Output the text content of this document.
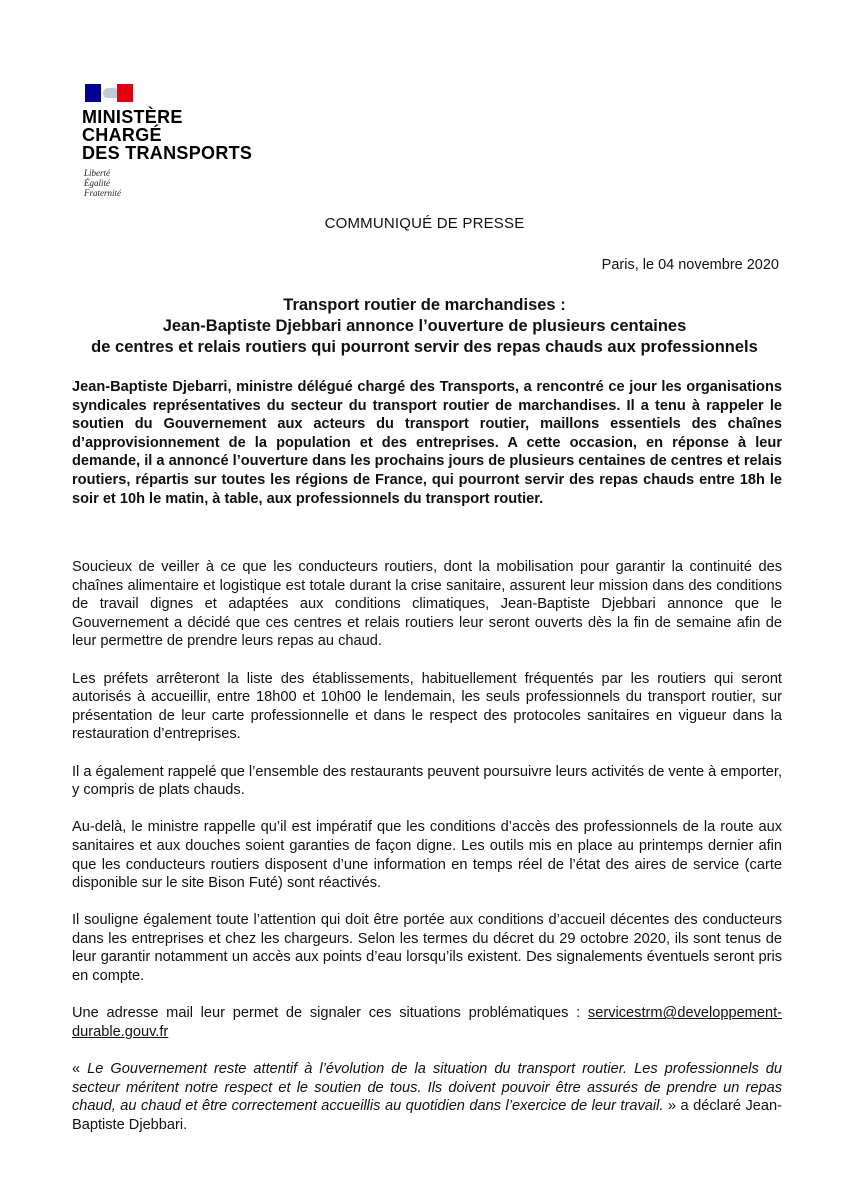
MINISTÈRE
CHARGÉ
DES TRANSPORTS
Liberté
Égalité
Fraternité
COMMUNIQUÉ DE PRESSE
Paris, le 04 novembre 2020
Transport routier de marchandises :
Jean-Baptiste Djebbari annonce l’ouverture de plusieurs centaines
de centres et relais routiers qui pourront servir des repas chauds aux professionnels
Jean-Baptiste Djebarri, ministre délégué chargé des Transports, a rencontré ce jour les organisations syndicales représentatives du secteur du transport routier de marchandises. Il a tenu à rappeler le soutien du Gouvernement aux acteurs du transport routier, maillons essentiels des chaînes d’approvisionnement de la population et des entreprises. A cette occasion, en réponse à leur demande, il a annoncé l’ouverture dans les prochains jours de plusieurs centaines de centres et relais routiers, répartis sur toutes les régions de France, qui pourront servir des repas chauds entre 18h le soir et 10h le matin, à table, aux professionnels du transport routier.

Soucieux de veiller à ce que les conducteurs routiers, dont la mobilisation pour garantir la continuité des chaînes alimentaire et logistique est totale durant la crise sanitaire, assurent leur mission dans des conditions de travail dignes et adaptées aux conditions climatiques, Jean-Baptiste Djebbari annonce que le Gouvernement a décidé que ces centres et relais routiers leur seront ouverts dès la fin de semaine afin de leur permettre de prendre leurs repas au chaud.

Les préfets arrêteront la liste des établissements, habituellement fréquentés par les routiers qui seront autorisés à accueillir, entre 18h00 et 10h00 le lendemain, les seuls professionnels du transport routier, sur présentation de leur carte professionnelle et dans le respect des protocoles sanitaires en vigueur dans la restauration d’entreprises.

Il a également rappelé que l’ensemble des restaurants peuvent poursuivre leurs activités de vente à emporter, y compris de plats chauds.

Au-delà, le ministre rappelle qu’il est impératif que les conditions d’accès des professionnels de la route aux sanitaires et aux douches soient garanties de façon digne. Les outils mis en place au printemps dernier afin que les conducteurs routiers disposent d’une information en temps réel de l’état des aires de service (carte disponible sur le site Bison Futé) sont réactivés.

Il souligne également toute l’attention qui doit être portée aux conditions d’accueil décentes des conducteurs dans les entreprises et chez les chargeurs. Selon les termes du décret du 29 octobre 2020, ils sont tenus de leur garantir notamment un accès aux points d’eau lorsqu’ils existent. Des signalements éventuels seront pris en compte.

Une adresse mail leur permet de signaler ces situations problématiques : servicestrm@developpement-durable.gouv.fr

« Le Gouvernement reste attentif à l’évolution de la situation du transport routier. Les professionnels du secteur méritent notre respect et le soutien de tous. Ils doivent pouvoir être assurés de prendre un repas chaud, au chaud et être correctement accueillis au quotidien dans l’exercice de leur travail. » a déclaré Jean-Baptiste Djebbari.
